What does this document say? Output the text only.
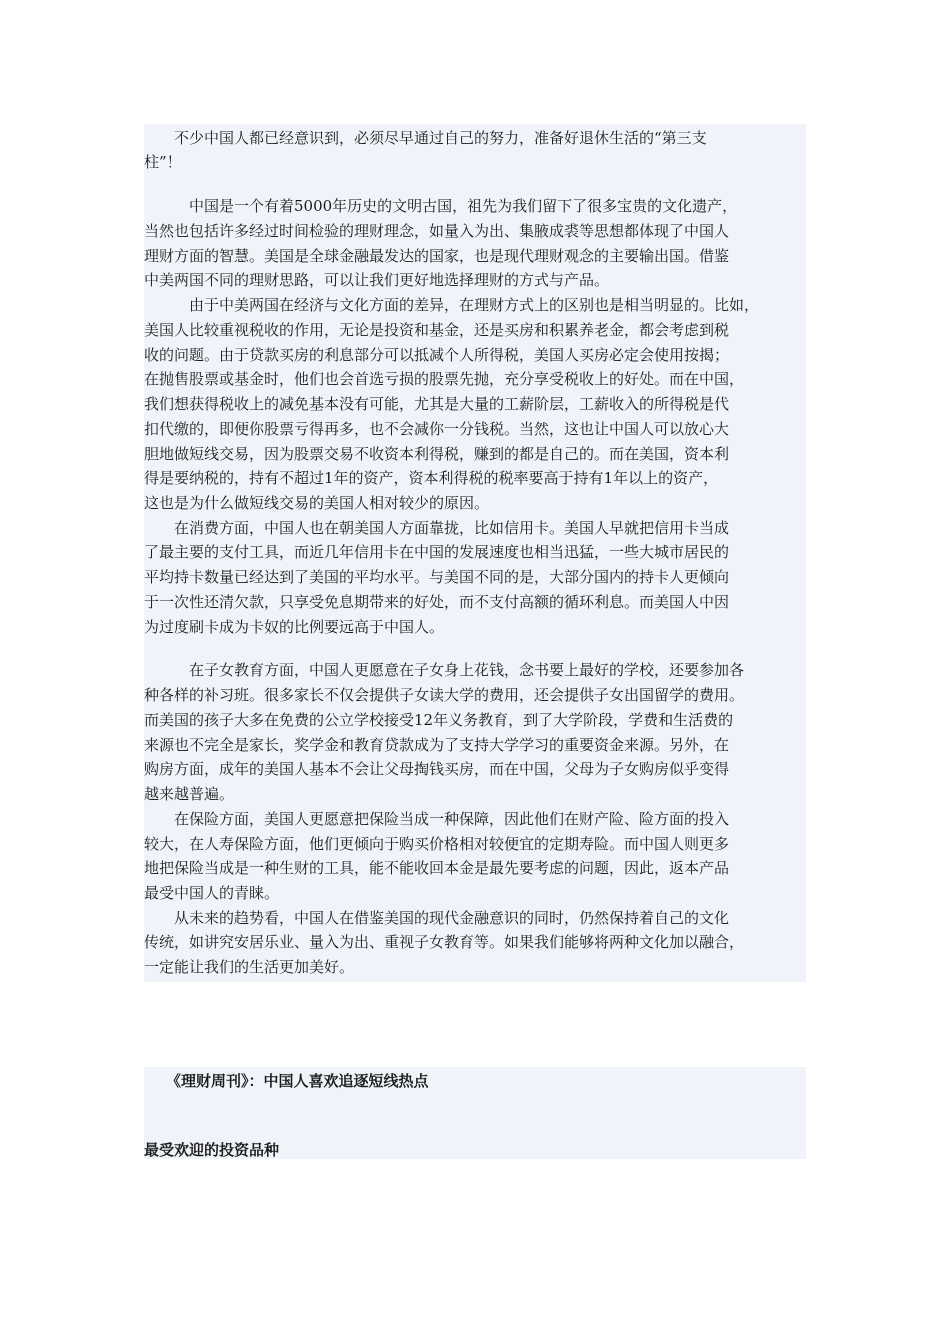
　　不少中国人都已经意识到，必须尽早通过自己的努力，准备好退休生活的“第三支

柱”！

　　　中国是一个有着5000年历史的文明古国，祖先为我们留下了很多宝贵的文化遗产，

当然也包括许多经过时间检验的理财理念，如量入为出、集腋成裘等思想都体现了中国人

理财方面的智慧。美国是全球金融最发达的国家，也是现代理财观念的主要输出国。借鉴

中美两国不同的理财思路，可以让我们更好地选择理财的方式与产品。

　　　由于中美两国在经济与文化方面的差异，在理财方式上的区别也是相当明显的。比如，

美国人比较重视税收的作用，无论是投资和基金，还是买房和积累养老金，都会考虑到税

收的问题。由于贷款买房的利息部分可以抵减个人所得税，美国人买房必定会使用按揭；

在抛售股票或基金时，他们也会首选亏损的股票先抛，充分享受税收上的好处。而在中国，

我们想获得税收上的减免基本没有可能，尤其是大量的工薪阶层，工薪收入的所得税是代

扣代缴的，即便你股票亏得再多，也不会减你一分钱税。当然，这也让中国人可以放心大

胆地做短线交易，因为股票交易不收资本利得税，赚到的都是自己的。而在美国，资本利

得是要纳税的，持有不超过1年的资产，资本利得税的税率要高于持有1年以上的资产，

这也是为什么做短线交易的美国人相对较少的原因。

　　在消费方面，中国人也在朝美国人方面靠拢，比如信用卡。美国人早就把信用卡当成

了最主要的支付工具，而近几年信用卡在中国的发展速度也相当迅猛，一些大城市居民的

平均持卡数量已经达到了美国的平均水平。与美国不同的是，大部分国内的持卡人更倾向

于一次性还清欠款，只享受免息期带来的好处，而不支付高额的循环利息。而美国人中因

为过度刷卡成为卡奴的比例要远高于中国人。

　　　在子女教育方面，中国人更愿意在子女身上花钱，念书要上最好的学校，还要参加各

种各样的补习班。很多家长不仅会提供子女读大学的费用，还会提供子女出国留学的费用。

而美国的孩子大多在免费的公立学校接受12年义务教育，到了大学阶段，学费和生活费的

来源也不完全是家长，奖学金和教育贷款成为了支持大学学习的重要资金来源。另外，在

购房方面，成年的美国人基本不会让父母掏钱买房，而在中国，父母为子女购房似乎变得

越来越普遍。

　　在保险方面，美国人更愿意把保险当成一种保障，因此他们在财产险、险方面的投入

较大，在人寿保险方面，他们更倾向于购买价格相对较便宜的定期寿险。而中国人则更多

地把保险当成是一种生财的工具，能不能收回本金是最先要考虑的问题，因此，返本产品

最受中国人的青睐。

　　从未来的趋势看，中国人在借鉴美国的现代金融意识的同时，仍然保持着自己的文化

传统，如讲究安居乐业、量入为出、重视子女教育等。如果我们能够将两种文化加以融合，

一定能让我们的生活更加美好。

《理财周刊》：中国人喜欢追逐短线热点
最受欢迎的投资品种
